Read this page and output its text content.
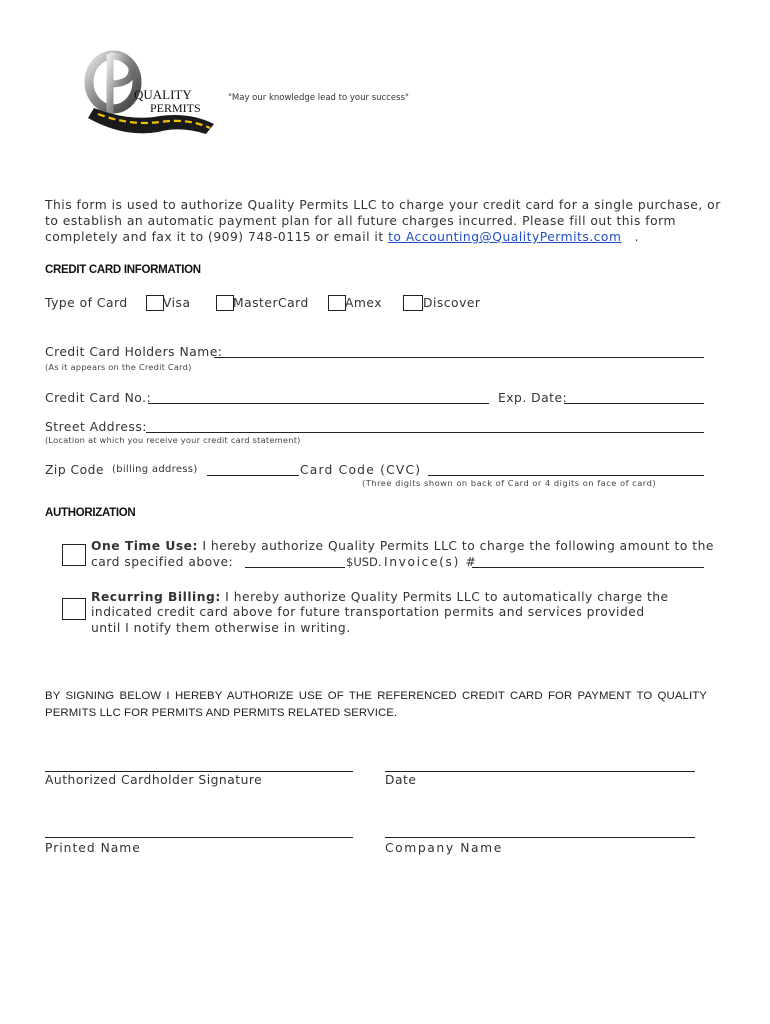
QUALITY
PERMITS
"May our knowledge lead to your success"
This form is used to authorize Quality Permits LLC to charge your credit card for a single purchase, or to establish an automatic payment plan for all future charges incurred. Please fill out this form completely and fax it to (909) 748-0115 or email it to Accounting@QualityPermits.com .
CREDIT CARD INFORMATION
Type of Card	Visa	MasterCard	Amex	Discover
Credit Card Holders Name:
(As it appears on the Credit Card)
Credit Card No.:	Exp. Date:
Street Address:
(Location at which you receive your credit card statement)
Zip Code (billing address)	Card Code (CVC)
(Three digits shown on back of Card or 4 digits on face of card)
AUTHORIZATION
One Time Use: I hereby authorize Quality Permits LLC to charge the following amount to the
card specified above:	$USD. Invoice(s) #
Recurring Billing: I hereby authorize Quality Permits LLC to automatically charge the
indicated credit card above for future transportation permits and services provided
until I notify them otherwise in writing.
BY SIGNING BELOW I HEREBY AUTHORIZE USE OF THE REFERENCED CREDIT CARD FOR PAYMENT TO QUALITY PERMITS LLC FOR PERMITS AND PERMITS RELATED SERVICE.
Authorized Cardholder Signature	Date
Printed Name	Company Name
